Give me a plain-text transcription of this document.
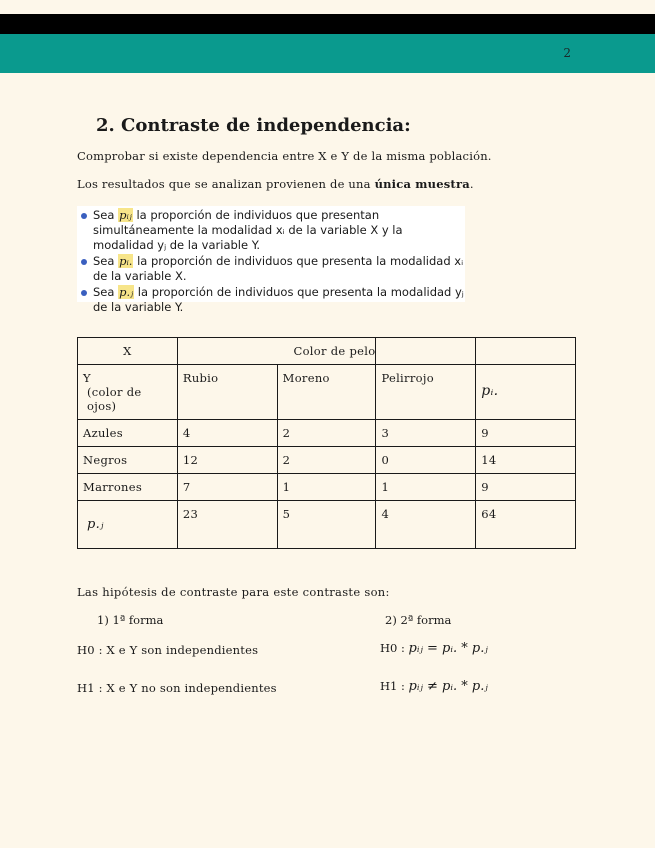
2
2. Contraste de independencia:

Comprobar si existe dependencia entre X e Y de la misma población.

Los resultados que se analizan provienen de una única muestra.

Sea pᵢⱼ la proporción de individuos que presentan simultáneamente la modalidad xᵢ de la variable X y la modalidad yⱼ de la variable Y.
Sea pᵢ. la proporción de individuos que presenta la modalidad xᵢ de la variable X.
Sea p.ⱼ la proporción de individuos que presenta la modalidad yⱼ de la variable Y.
X	Color de pelo			

Y
(color de ojos)	Rubio	Moreno	Pelirrojo	pᵢ.
Azules	4	2	3	9
Negros	12	2	0	14
Marrones	7	1	1	9
p.ⱼ	23	5	4	64
Las hipótesis de contraste para este contraste son:
1) 1ª forma	2) 2ª forma
H0 : X e Y son independientes
H1 : X e Y no son independientes
H0 : pᵢⱼ = pᵢ. * p.ⱼ
H1 : pᵢⱼ ≠ pᵢ. * p.ⱼ
